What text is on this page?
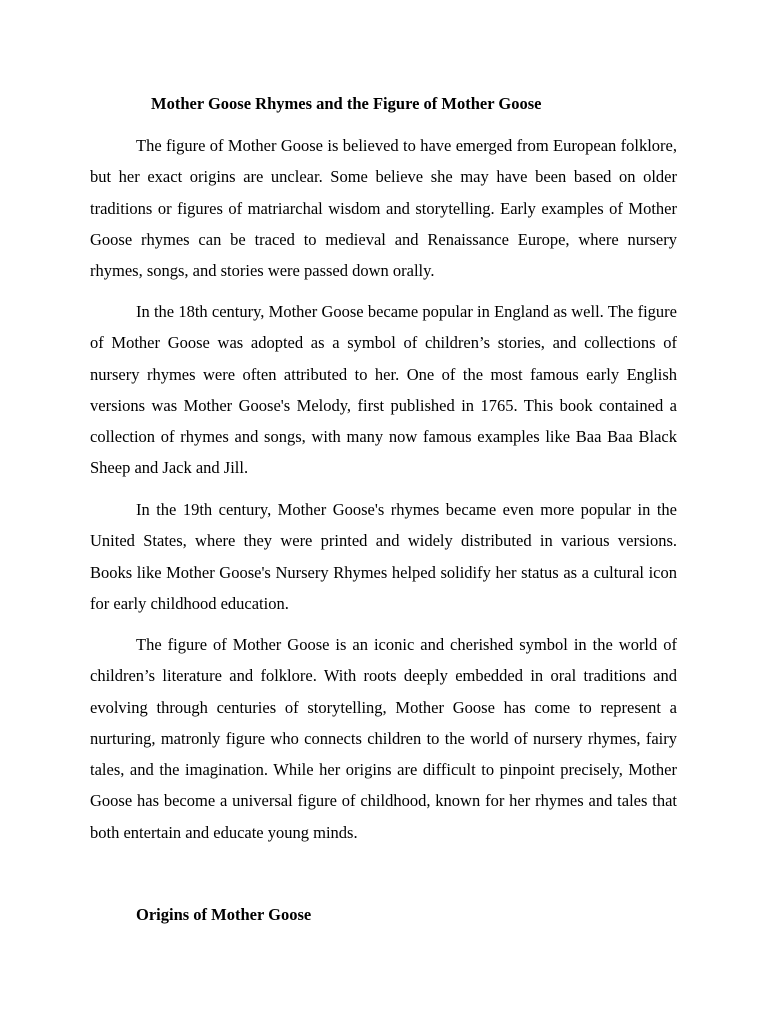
Mother Goose Rhymes and the Figure of Mother Goose

The figure of Mother Goose is believed to have emerged from European folklore, but her exact origins are unclear. Some believe she may have been based on older traditions or figures of matriarchal wisdom and storytelling. Early examples of Mother Goose rhymes can be traced to medieval and Renaissance Europe, where nursery rhymes, songs, and stories were passed down orally.

In the 18th century, Mother Goose became popular in England as well. The figure of Mother Goose was adopted as a symbol of children’s stories, and collections of nursery rhymes were often attributed to her. One of the most famous early English versions was Mother Goose's Melody, first published in 1765. This book contained a collection of rhymes and songs, with many now famous examples like Baa Baa Black Sheep and Jack and Jill.

In the 19th century, Mother Goose's rhymes became even more popular in the United States, where they were printed and widely distributed in various versions. Books like Mother Goose's Nursery Rhymes helped solidify her status as a cultural icon for early childhood education.

The figure of Mother Goose is an iconic and cherished symbol in the world of children’s literature and folklore. With roots deeply embedded in oral traditions and evolving through centuries of storytelling, Mother Goose has come to represent a nurturing, matronly figure who connects children to the world of nursery rhymes, fairy tales, and the imagination. While her origins are difficult to pinpoint precisely, Mother Goose has become a universal figure of childhood, known for her rhymes and tales that both entertain and educate young minds.

Origins of Mother Goose
